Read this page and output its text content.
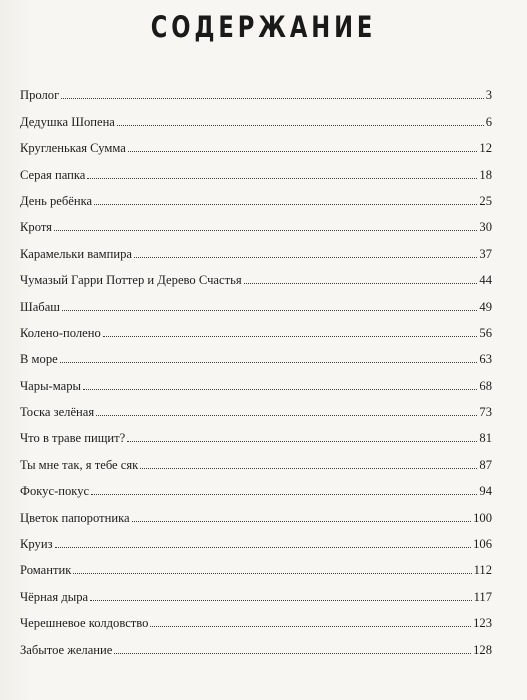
СОДЕРЖАНИЕ
Пролог	3
Дедушка Шопена	6
Кругленькая Сумма	12
Серая папка	18
День ребёнка	25
Кротя	30
Карамельки вампира	37
Чумазый Гарри Поттер и Дерево Счастья	44
Шабаш	49
Колено-полено	56
В море	63
Чары-мары	68
Тоска зелёная	73
Что в траве пищит?	81
Ты мне так, я тебе сяк	87
Фокус-покус	94
Цветок папоротника	100
Круиз	106
Романтик	112
Чёрная дыра	117
Черешневое колдовство	123
Забытое желание	128
